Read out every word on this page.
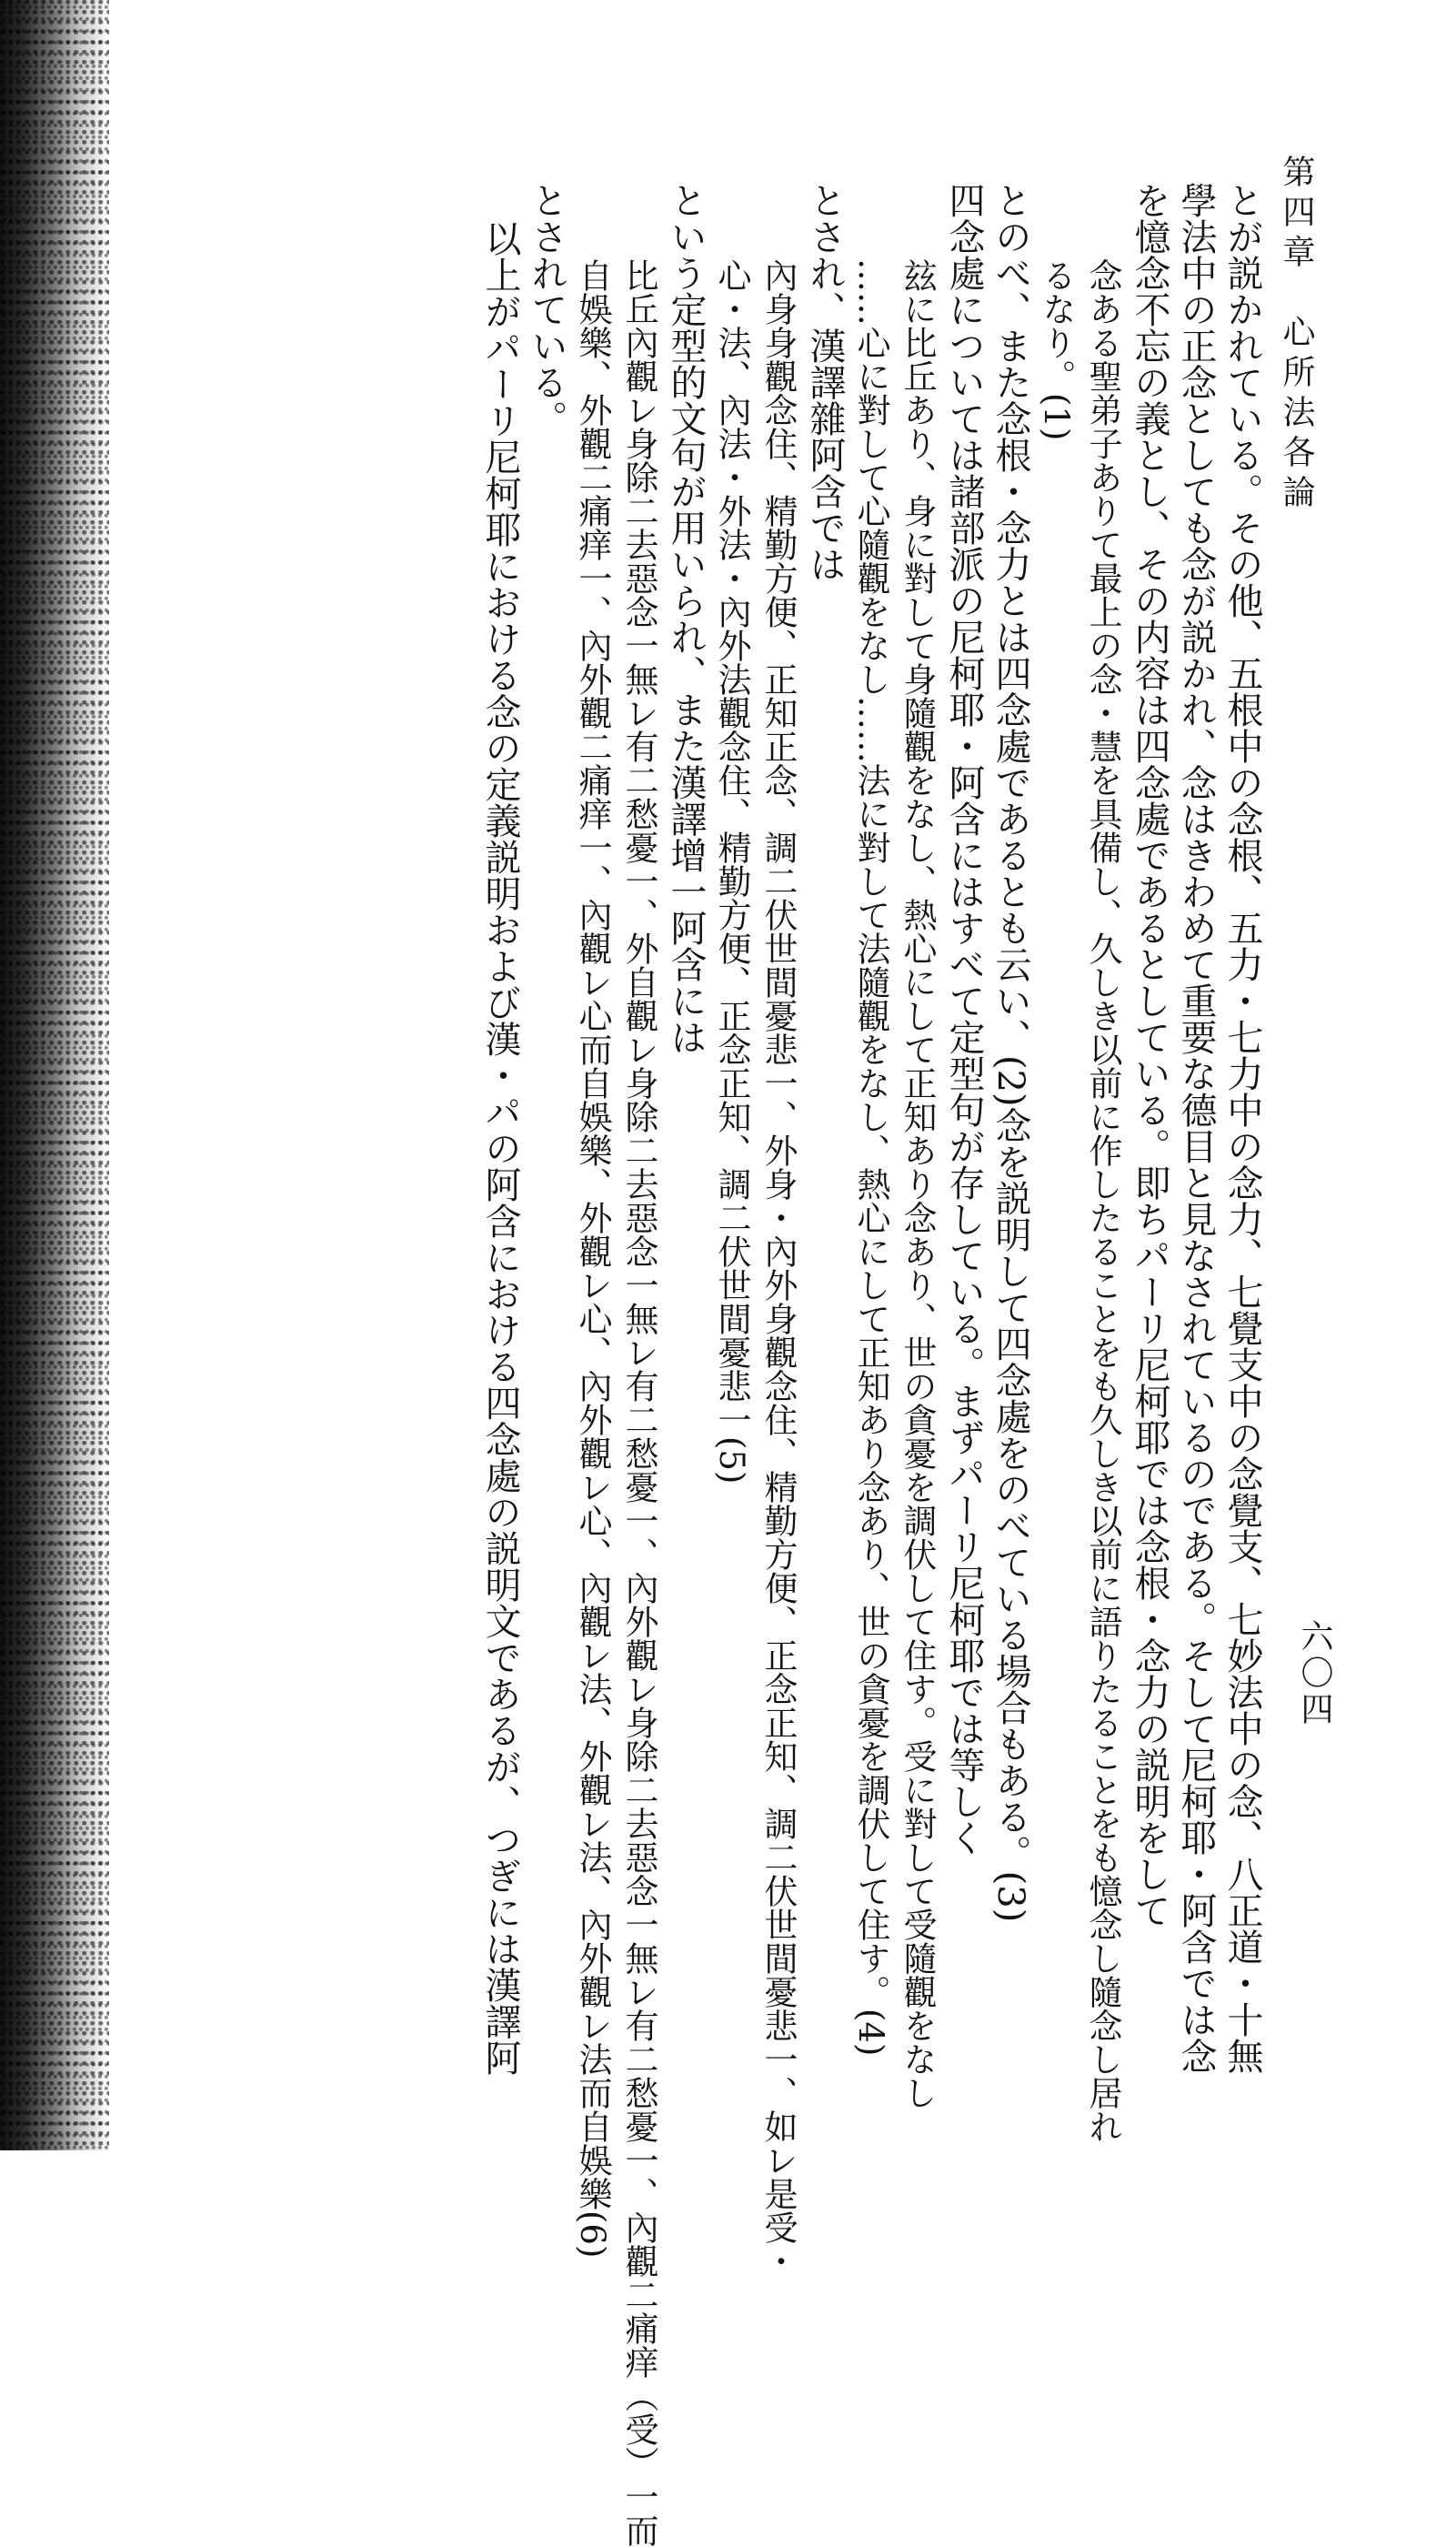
第四章　心所法各論
六〇四
とが説かれている。その他、五根中の念根、五力・七力中の念力、七覺支中の念覺支、七妙法中の念、八正道・十無
學法中の正念としても念が説かれ、念はきわめて重要な德目と見なされているのである。そして尼柯耶・阿含では念
を憶念不忘の義とし、その内容は四念處であるとしている。即ちパーリ尼柯耶では念根・念力の説明をして
念ある聖弟子ありて最上の念・慧を具備し、久しき以前に作したることをも久しき以前に語りたることをも憶念し隨念し居れ
るなり。(1)
とのべ、また念根・念力とは四念處であるとも云い、(2)念を説明して四念處をのべている場合もある。(3)
四念處については諸部派の尼柯耶・阿含にはすべて定型句が存している。まずパーリ尼柯耶では等しく
玆に比丘あり、身に對して身隨觀をなし、熱心にして正知あり念あり、世の貪憂を調伏して住す。受に對して受隨觀をなし
……心に對して心隨觀をなし……法に對して法隨觀をなし、熱心にして正知あり念あり、世の貪憂を調伏して住す。(4)
とされ、漢譯雜阿含では
內身身觀念住、精勤方便、正知正念、調二伏世間憂悲一、外身・內外身觀念住、精勤方便、正念正知、調二伏世間憂悲一、如レ是受・
心・法、內法・外法・內外法觀念住、精勤方便、正念正知、調二伏世間憂悲一(5)
という定型的文句が用いられ、また漢譯增一阿含には
比丘內觀レ身除二去惡念一無レ有二愁憂一、外自觀レ身除二去惡念一無レ有二愁憂一、內外觀レ身除二去惡念一無レ有二愁憂一、內觀二痛痒（受）一而
自娛樂、外觀二痛痒一、內外觀二痛痒一、內觀レ心而自娛樂、外觀レ心、內外觀レ心、內觀レ法、外觀レ法、內外觀レ法而自娛樂(6)
とされている。
以上がパーリ尼柯耶における念の定義説明および漢・パの阿含における四念處の説明文であるが、つぎには漢譯阿
